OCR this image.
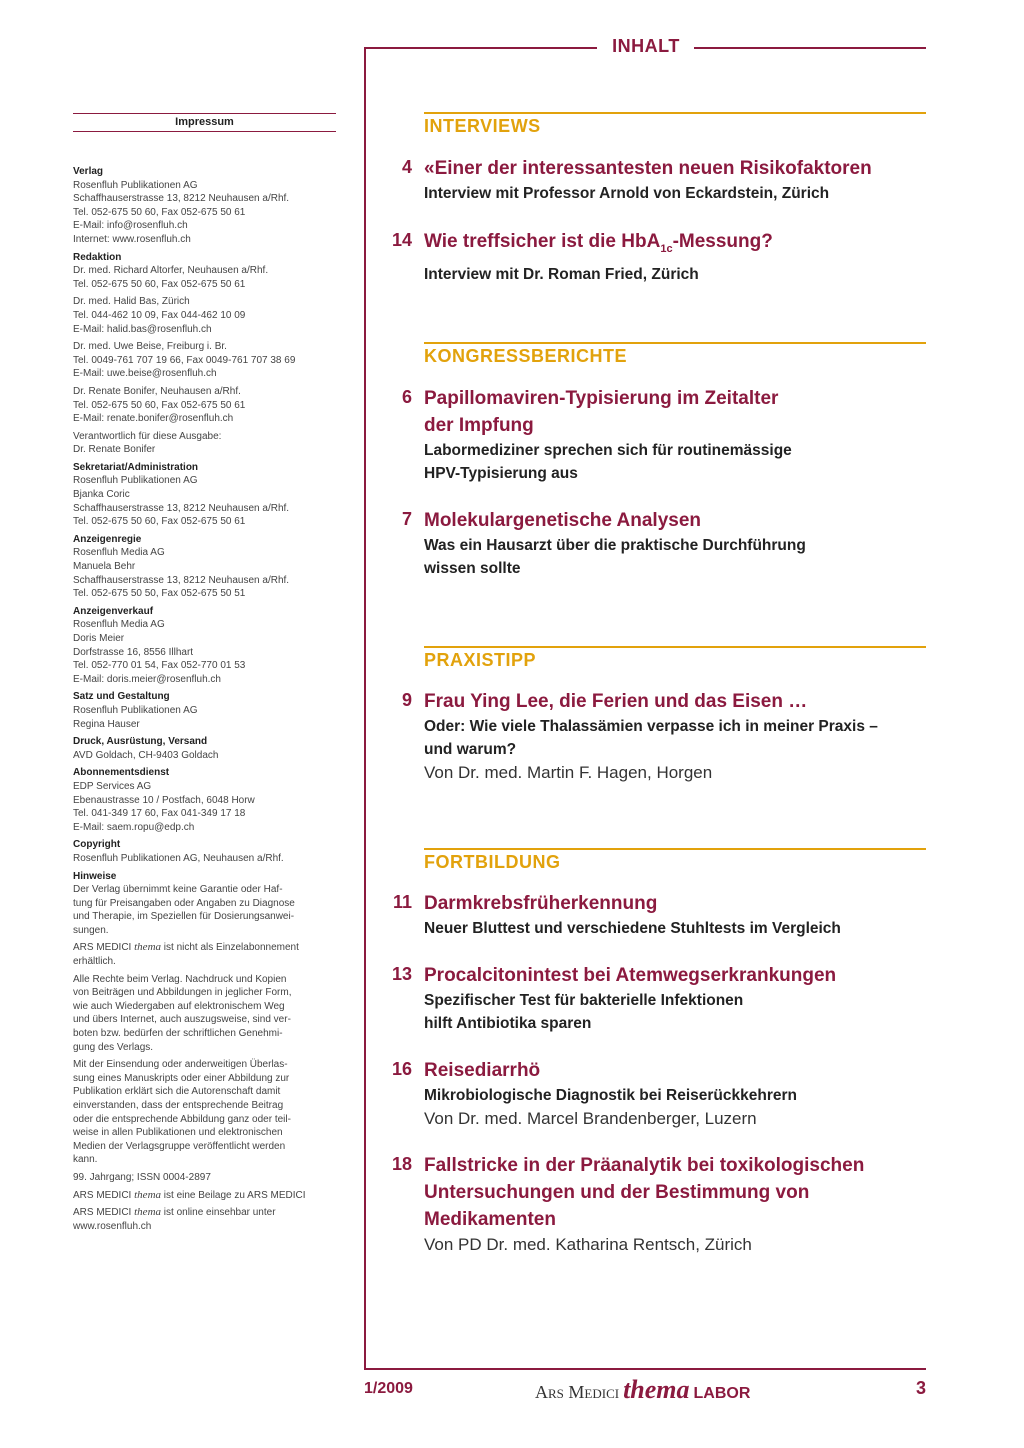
Impressum
Verlag
Rosenfluh Publikationen AG
Schaffhauserstrasse 13, 8212 Neuhausen a/Rhf.
Tel. 052-675 50 60, Fax 052-675 50 61
E-Mail: info@rosenfluh.ch
Internet: www.rosenfluh.ch
Redaktion
Dr. med. Richard Altorfer, Neuhausen a/Rhf.
Tel. 052-675 50 60, Fax 052-675 50 61
Dr. med. Halid Bas, Zürich
Tel. 044-462 10 09, Fax 044-462 10 09
E-Mail: halid.bas@rosenfluh.ch
Dr. med. Uwe Beise, Freiburg i. Br.
Tel. 0049-761 707 19 66, Fax 0049-761 707 38 69
E-Mail: uwe.beise@rosenfluh.ch
Dr. Renate Bonifer, Neuhausen a/Rhf.
Tel. 052-675 50 60, Fax 052-675 50 61
E-Mail: renate.bonifer@rosenfluh.ch
Verantwortlich für diese Ausgabe:
Dr. Renate Bonifer
Sekretariat/Administration
Rosenfluh Publikationen AG
Bjanka Coric
Schaffhauserstrasse 13, 8212 Neuhausen a/Rhf.
Tel. 052-675 50 60, Fax 052-675 50 61
Anzeigenregie
Rosenfluh Media AG
Manuela Behr
Schaffhauserstrasse 13, 8212 Neuhausen a/Rhf.
Tel. 052-675 50 50, Fax 052-675 50 51
Anzeigenverkauf
Rosenfluh Media AG
Doris Meier
Dorfstrasse 16, 8556 Illhart
Tel. 052-770 01 54, Fax 052-770 01 53
E-Mail: doris.meier@rosenfluh.ch
Satz und Gestaltung
Rosenfluh Publikationen AG
Regina Hauser
Druck, Ausrüstung, Versand
AVD Goldach, CH-9403 Goldach
Abonnementsdienst
EDP Services AG
Ebenaustrasse 10 / Postfach, 6048 Horw
Tel. 041-349 17 60, Fax 041-349 17 18
E-Mail: saem.ropu@edp.ch
Copyright
Rosenfluh Publikationen AG, Neuhausen a/Rhf.
Hinweise
Der Verlag übernimmt keine Garantie oder Haf-
tung für Preisangaben oder Angaben zu Diagnose
und Therapie, im Speziellen für Dosierungsanwei-
sungen.
ARS MEDICI thema ist nicht als Einzelabonnement erhältlich.
Alle Rechte beim Verlag. Nachdruck und Kopien
von Beiträgen und Abbildungen in jeglicher Form,
wie auch Wiedergaben auf elektronischem Weg
und übers Internet, auch auszugsweise, sind ver-
boten bzw. bedürfen der schriftlichen Genehmi-
gung des Verlags.
Mit der Einsendung oder anderweitigen Überlas-
sung eines Manuskripts oder einer Abbildung zur
Publikation erklärt sich die Autorenschaft damit
einverstanden, dass der entsprechende Beitrag
oder die entsprechende Abbildung ganz oder teil-
weise in allen Publikationen und elektronischen
Medien der Verlagsgruppe veröffentlicht werden
kann.
99. Jahrgang; ISSN 0004-2897
ARS MEDICI thema ist eine Beilage zu ARS MEDICI
ARS MEDICI thema ist online einsehbar unter
www.rosenfluh.ch
INHALT
INTERVIEWS
4 «Einer der interessantesten neuen Risikofaktoren
Interview mit Professor Arnold von Eckardstein, Zürich
14 Wie treffsicher ist die HbA$_{1c}$-Messung?
Interview mit Dr. Roman Fried, Zürich
KONGRESSBERICHTE
6 Papillomaviren-Typisierung im Zeitalter
der Impfung
Labormediziner sprechen sich für routinemässige
HPV-Typisierung aus
7 Molekulargenetische Analysen
Was ein Hausarzt über die praktische Durchführung
wissen sollte
PRAXISTIPP
9 Frau Ying Lee, die Ferien und das Eisen …
Oder: Wie viele Thalassämien verpasse ich in meiner Praxis –
und warum?
Von Dr. med. Martin F. Hagen, Horgen
FORTBILDUNG
11 Darmkrebsfrüherkennung
Neuer Bluttest und verschiedene Stuhltests im Vergleich
13 Procalcitonintest bei Atemwegserkrankungen
Spezifischer Test für bakterielle Infektionen
hilft Antibiotika sparen
16 Reisediarrhö
Mikrobiologische Diagnostik bei Reiserückkehrern
Von Dr. med. Marcel Brandenberger, Luzern
18 Fallstricke in der Präanalytik bei toxikologischen
Untersuchungen und der Bestimmung von
Medikamenten
Von PD Dr. med. Katharina Rentsch, Zürich
1/2009	Ars Medici thema LABOR	3
